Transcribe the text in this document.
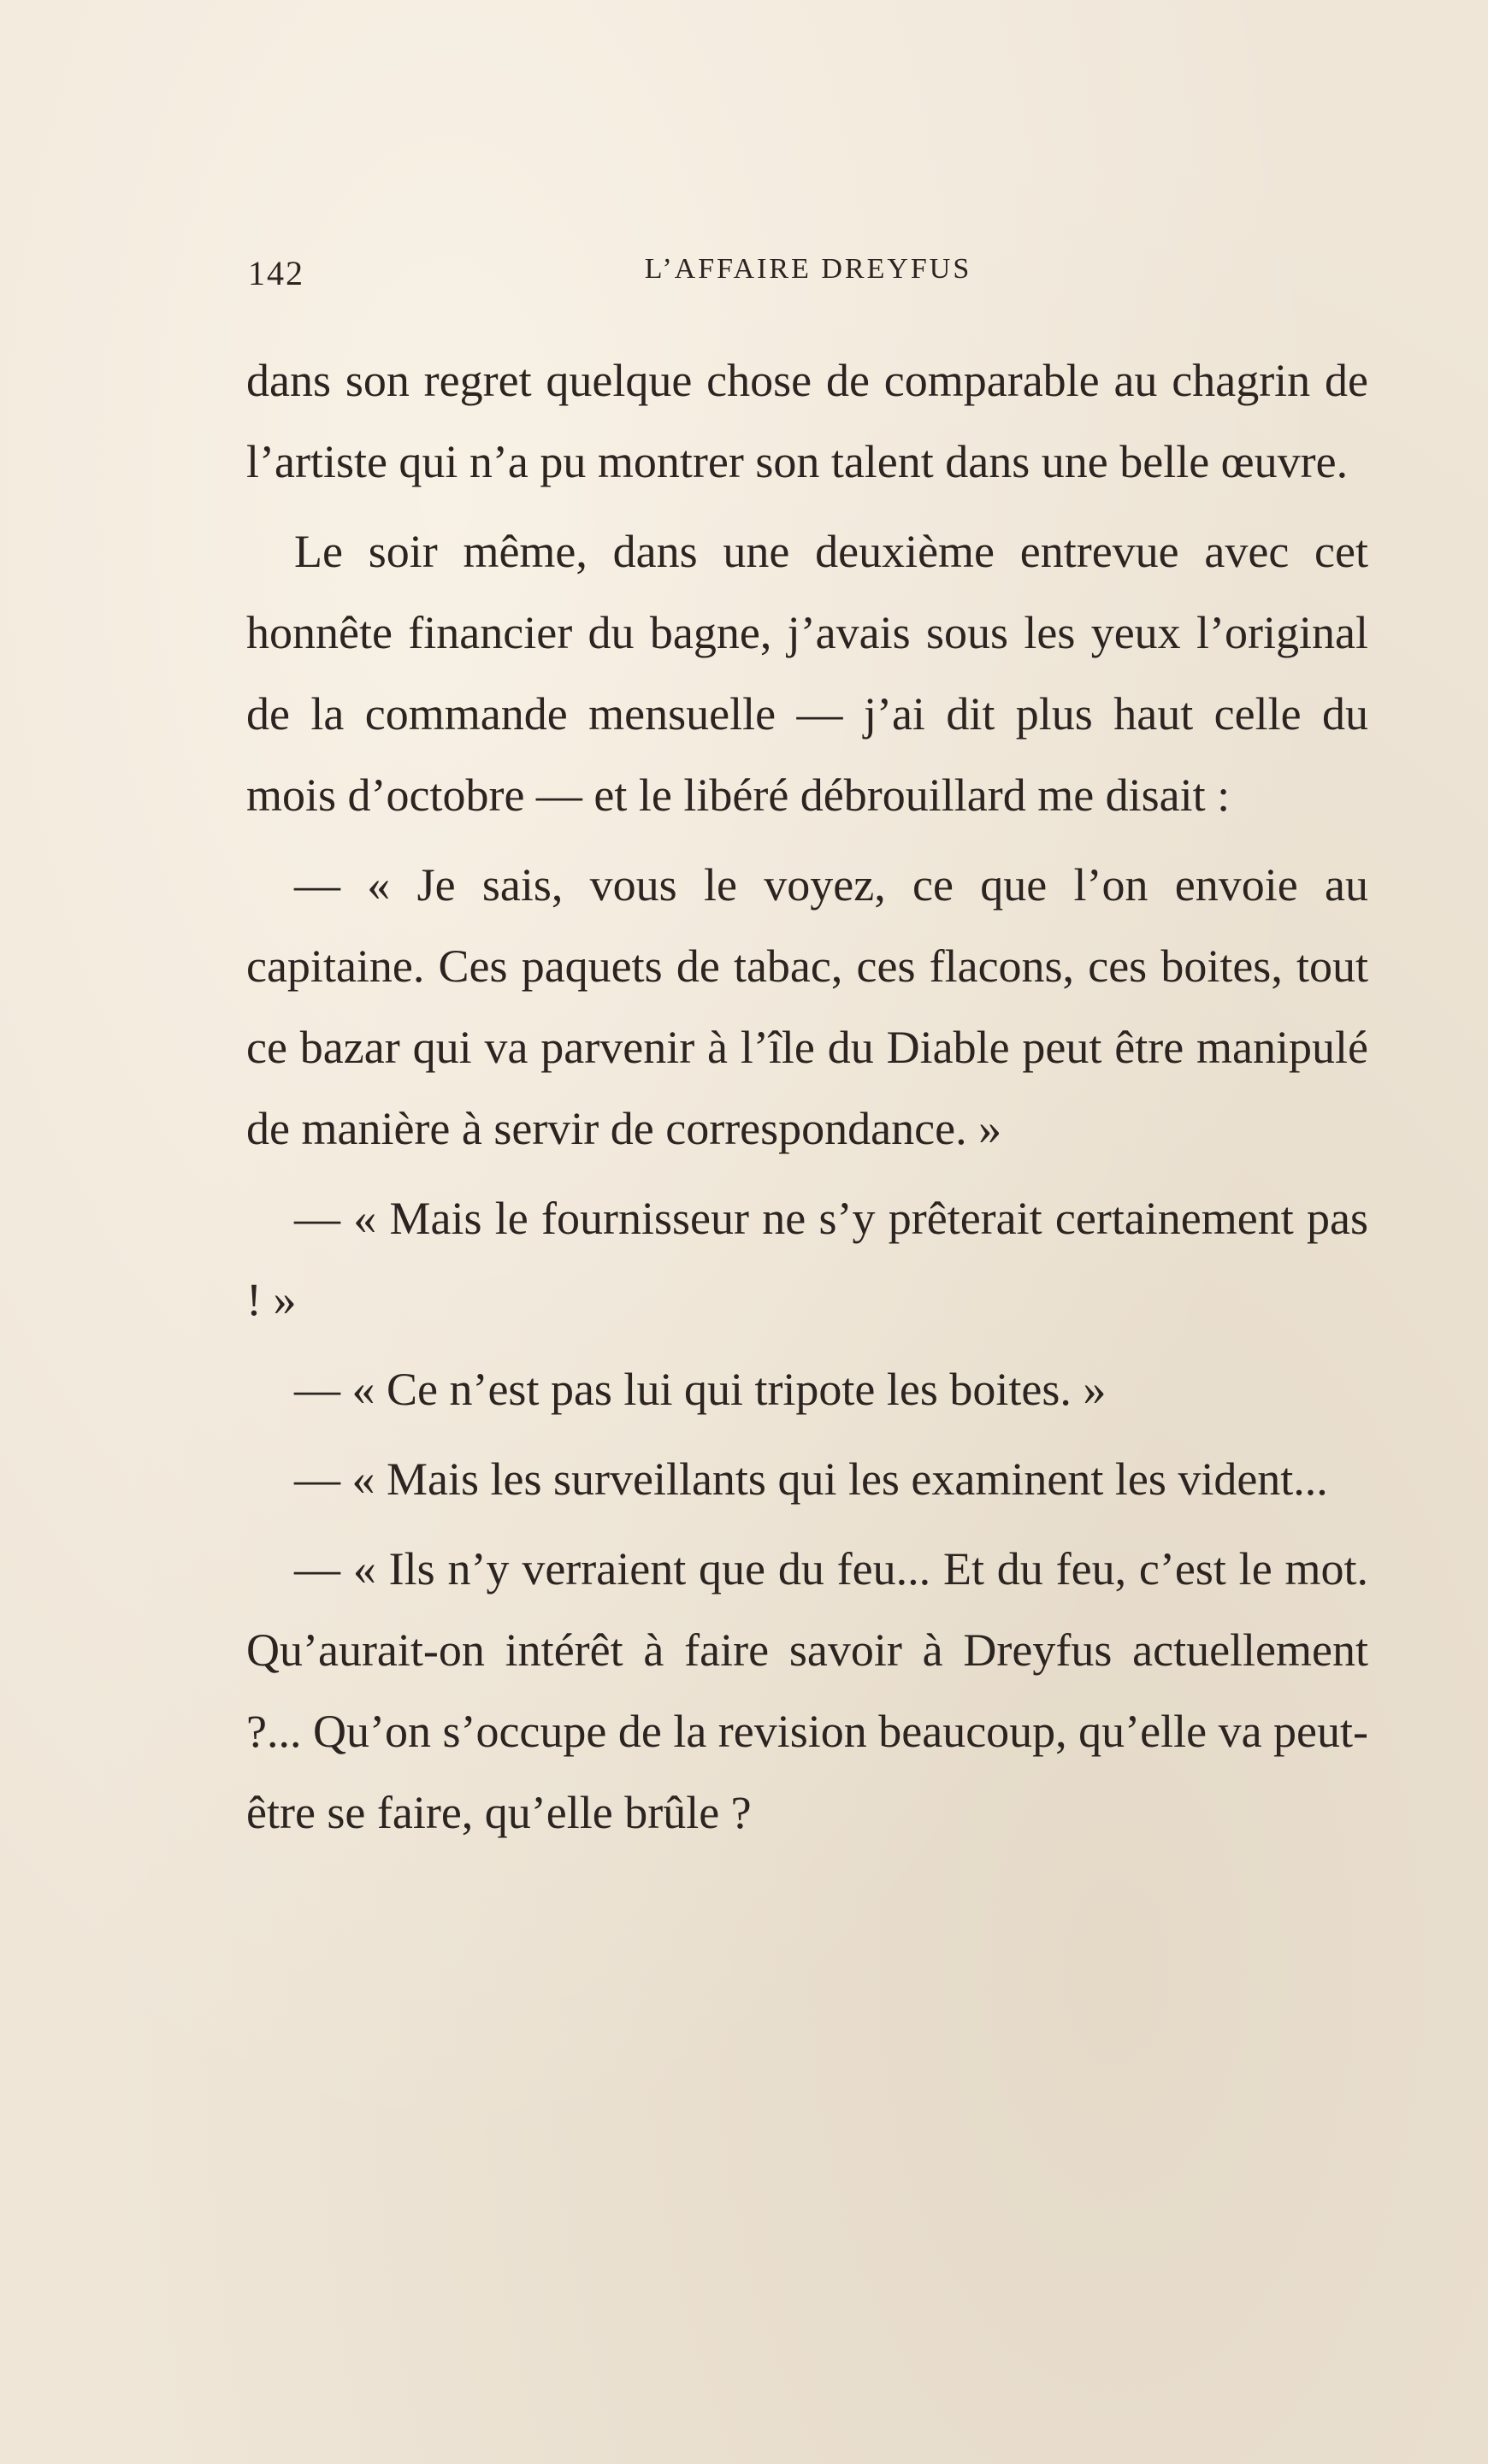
142	L’AFFAIRE DREYFUS

dans son regret quelque chose de comparable au chagrin de l’artiste qui n’a pu montrer son talent dans une belle œuvre.

Le soir même, dans une deuxième entrevue avec cet honnête financier du bagne, j’avais sous les yeux l’original de la commande mensuelle — j’ai dit plus haut celle du mois d’octobre — et le libéré débrouillard me disait :

— « Je sais, vous le voyez, ce que l’on envoie au capitaine. Ces paquets de tabac, ces flacons, ces boites, tout ce bazar qui va parvenir à l’île du Diable peut être manipulé de manière à servir de correspondance. »

— « Mais le fournisseur ne s’y prêterait certainement pas ! »

— « Ce n’est pas lui qui tripote les boites. »

— « Mais les surveillants qui les examinent les vident...

— « Ils n’y verraient que du feu... Et du feu, c’est le mot. Qu’aurait-on intérêt à faire savoir à Dreyfus actuellement ?... Qu’on s’occupe de la revision beaucoup, qu’elle va peut-être se faire, qu’elle brûle ?
